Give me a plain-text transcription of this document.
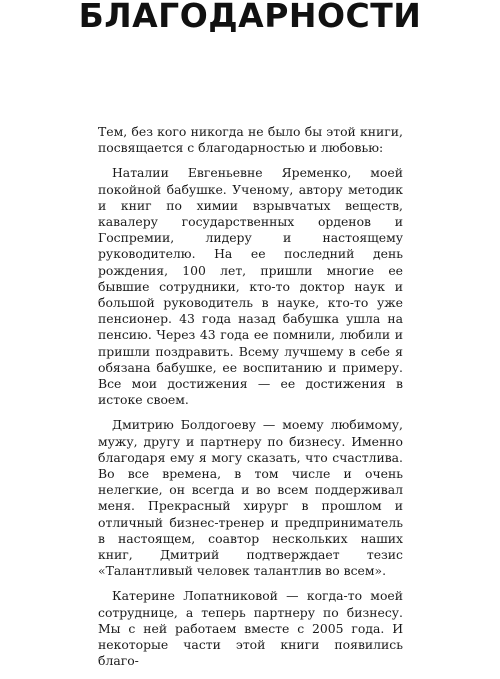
БЛАГОДАРНОСТИ

Тем, без кого никогда не было бы этой книги, посвящается с благодарностью и любовью:

Наталии Евгеньевне Яременко, моей покойной бабушке. Ученому, автору методик и книг по химии взрывчатых веществ, кавалеру государственных орденов и Госпремии, лидеру и настоящему руководителю. На ее последний день рождения, 100 лет, пришли многие ее бывшие сотрудники, кто-то доктор наук и большой руководитель в науке, кто-то уже пенсионер. 43 года назад бабушка ушла на пенсию. Через 43 года ее помнили, любили и пришли поздравить. Всему лучшему в себе я обязана бабушке, ее воспитанию и примеру. Все мои достижения — ее достижения в истоке своем.

Дмитрию Болдогоеву — моему любимому, мужу, другу и партнеру по бизнесу. Именно благодаря ему я могу сказать, что счастлива. Во все времена, в том числе и очень нелегкие, он всегда и во всем поддерживал меня. Прекрасный хирург в прошлом и отличный бизнес-тренер и предприниматель в настоящем, соавтор нескольких наших книг, Дмитрий подтверждает тезис «Талантливый человек талантлив во всем».

Катерине Лопатниковой — когда-то моей сотруднице, а теперь партнеру по бизнесу. Мы с ней работаем вместе с 2005 года. И некоторые части этой книги появились благо-
